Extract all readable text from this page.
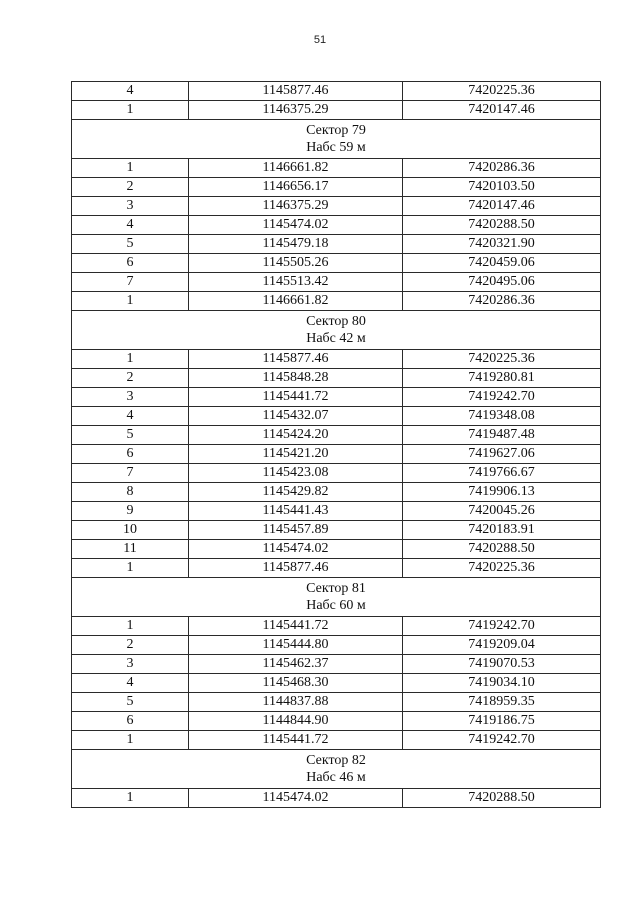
51
4	1145877.46	7420225.36
1	1146375.29	7420147.46

Сектор 79
Набс 59 м		

1	1146661.82	7420286.36
2	1146656.17	7420103.50
3	1146375.29	7420147.46
4	1145474.02	7420288.50
5	1145479.18	7420321.90
6	1145505.26	7420459.06
7	1145513.42	7420495.06
1	1146661.82	7420286.36

Сектор 80
Набс 42 м		

1	1145877.46	7420225.36
2	1145848.28	7419280.81
3	1145441.72	7419242.70
4	1145432.07	7419348.08
5	1145424.20	7419487.48
6	1145421.20	7419627.06
7	1145423.08	7419766.67
8	1145429.82	7419906.13
9	1145441.43	7420045.26
10	1145457.89	7420183.91
11	1145474.02	7420288.50
1	1145877.46	7420225.36

Сектор 81
Набс 60 м		

1	1145441.72	7419242.70
2	1145444.80	7419209.04
3	1145462.37	7419070.53
4	1145468.30	7419034.10
5	1144837.88	7418959.35
6	1144844.90	7419186.75
1	1145441.72	7419242.70

Сектор 82
Набс 46 м		

1	1145474.02	7420288.50
